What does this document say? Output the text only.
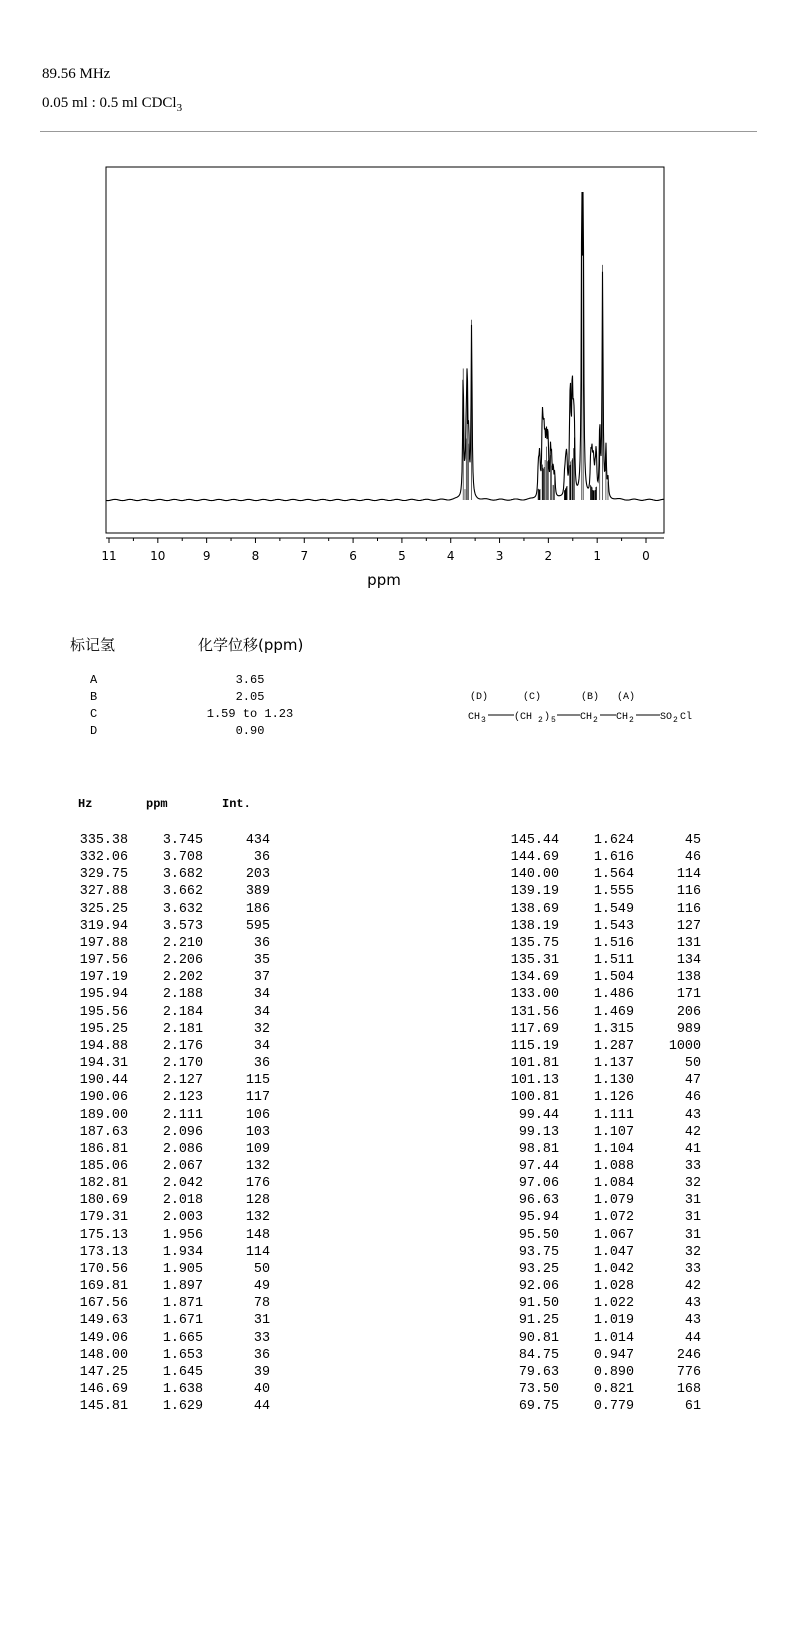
89.56 MHz
0.05 ml : 0.5 ml CDCl$_3$
11	10	9	8	7	6	5	4	3	2	1	0
ppm
标记氢	化学位移(ppm)
A	3.65
B	2.05
C	1.59 to 1.23
D	0.90
(D)	(C)	(B) (A)
CH 3	(CH 2 ) 5 CH 2 CH 2	SO 2 Cl
Hz	ppm	Int.
335.38	3.745	434
332.06	3.708	36
329.75	3.682	203
327.88	3.662	389
325.25	3.632	186
319.94	3.573	595
197.88	2.210	36
197.56	2.206	35
197.19	2.202	37
195.94	2.188	34
195.56	2.184	34
195.25	2.181	32
194.88	2.176	34
194.31	2.170	36
190.44	2.127	115
190.06	2.123	117
189.00	2.111	106
187.63	2.096	103
186.81	2.086	109
185.06	2.067	132
182.81	2.042	176
180.69	2.018	128
179.31	2.003	132
175.13	1.956	148
173.13	1.934	114
170.56	1.905	50
169.81	1.897	49
167.56	1.871	78
149.63	1.671	31
149.06	1.665	33
148.00	1.653	36
147.25	1.645	39
146.69	1.638	40
145.81	1.629	44
145.44	1.624	45
144.69	1.616	46
140.00	1.564	114
139.19	1.555	116
138.69	1.549	116
138.19	1.543	127
135.75	1.516	131
135.31	1.511	134
134.69	1.504	138
133.00	1.486	171
131.56	1.469	206
117.69	1.315	989
115.19	1.287	1000
101.81	1.137	50
101.13	1.130	47
100.81	1.126	46
99.44	1.111	43
99.13	1.107	42
98.81	1.104	41
97.44	1.088	33
97.06	1.084	32
96.63	1.079	31
95.94	1.072	31
95.50	1.067	31
93.75	1.047	32
93.25	1.042	33
92.06	1.028	42
91.50	1.022	43
91.25	1.019	43
90.81	1.014	44
84.75	0.947	246
79.63	0.890	776
73.50	0.821	168
69.75	0.779	61
